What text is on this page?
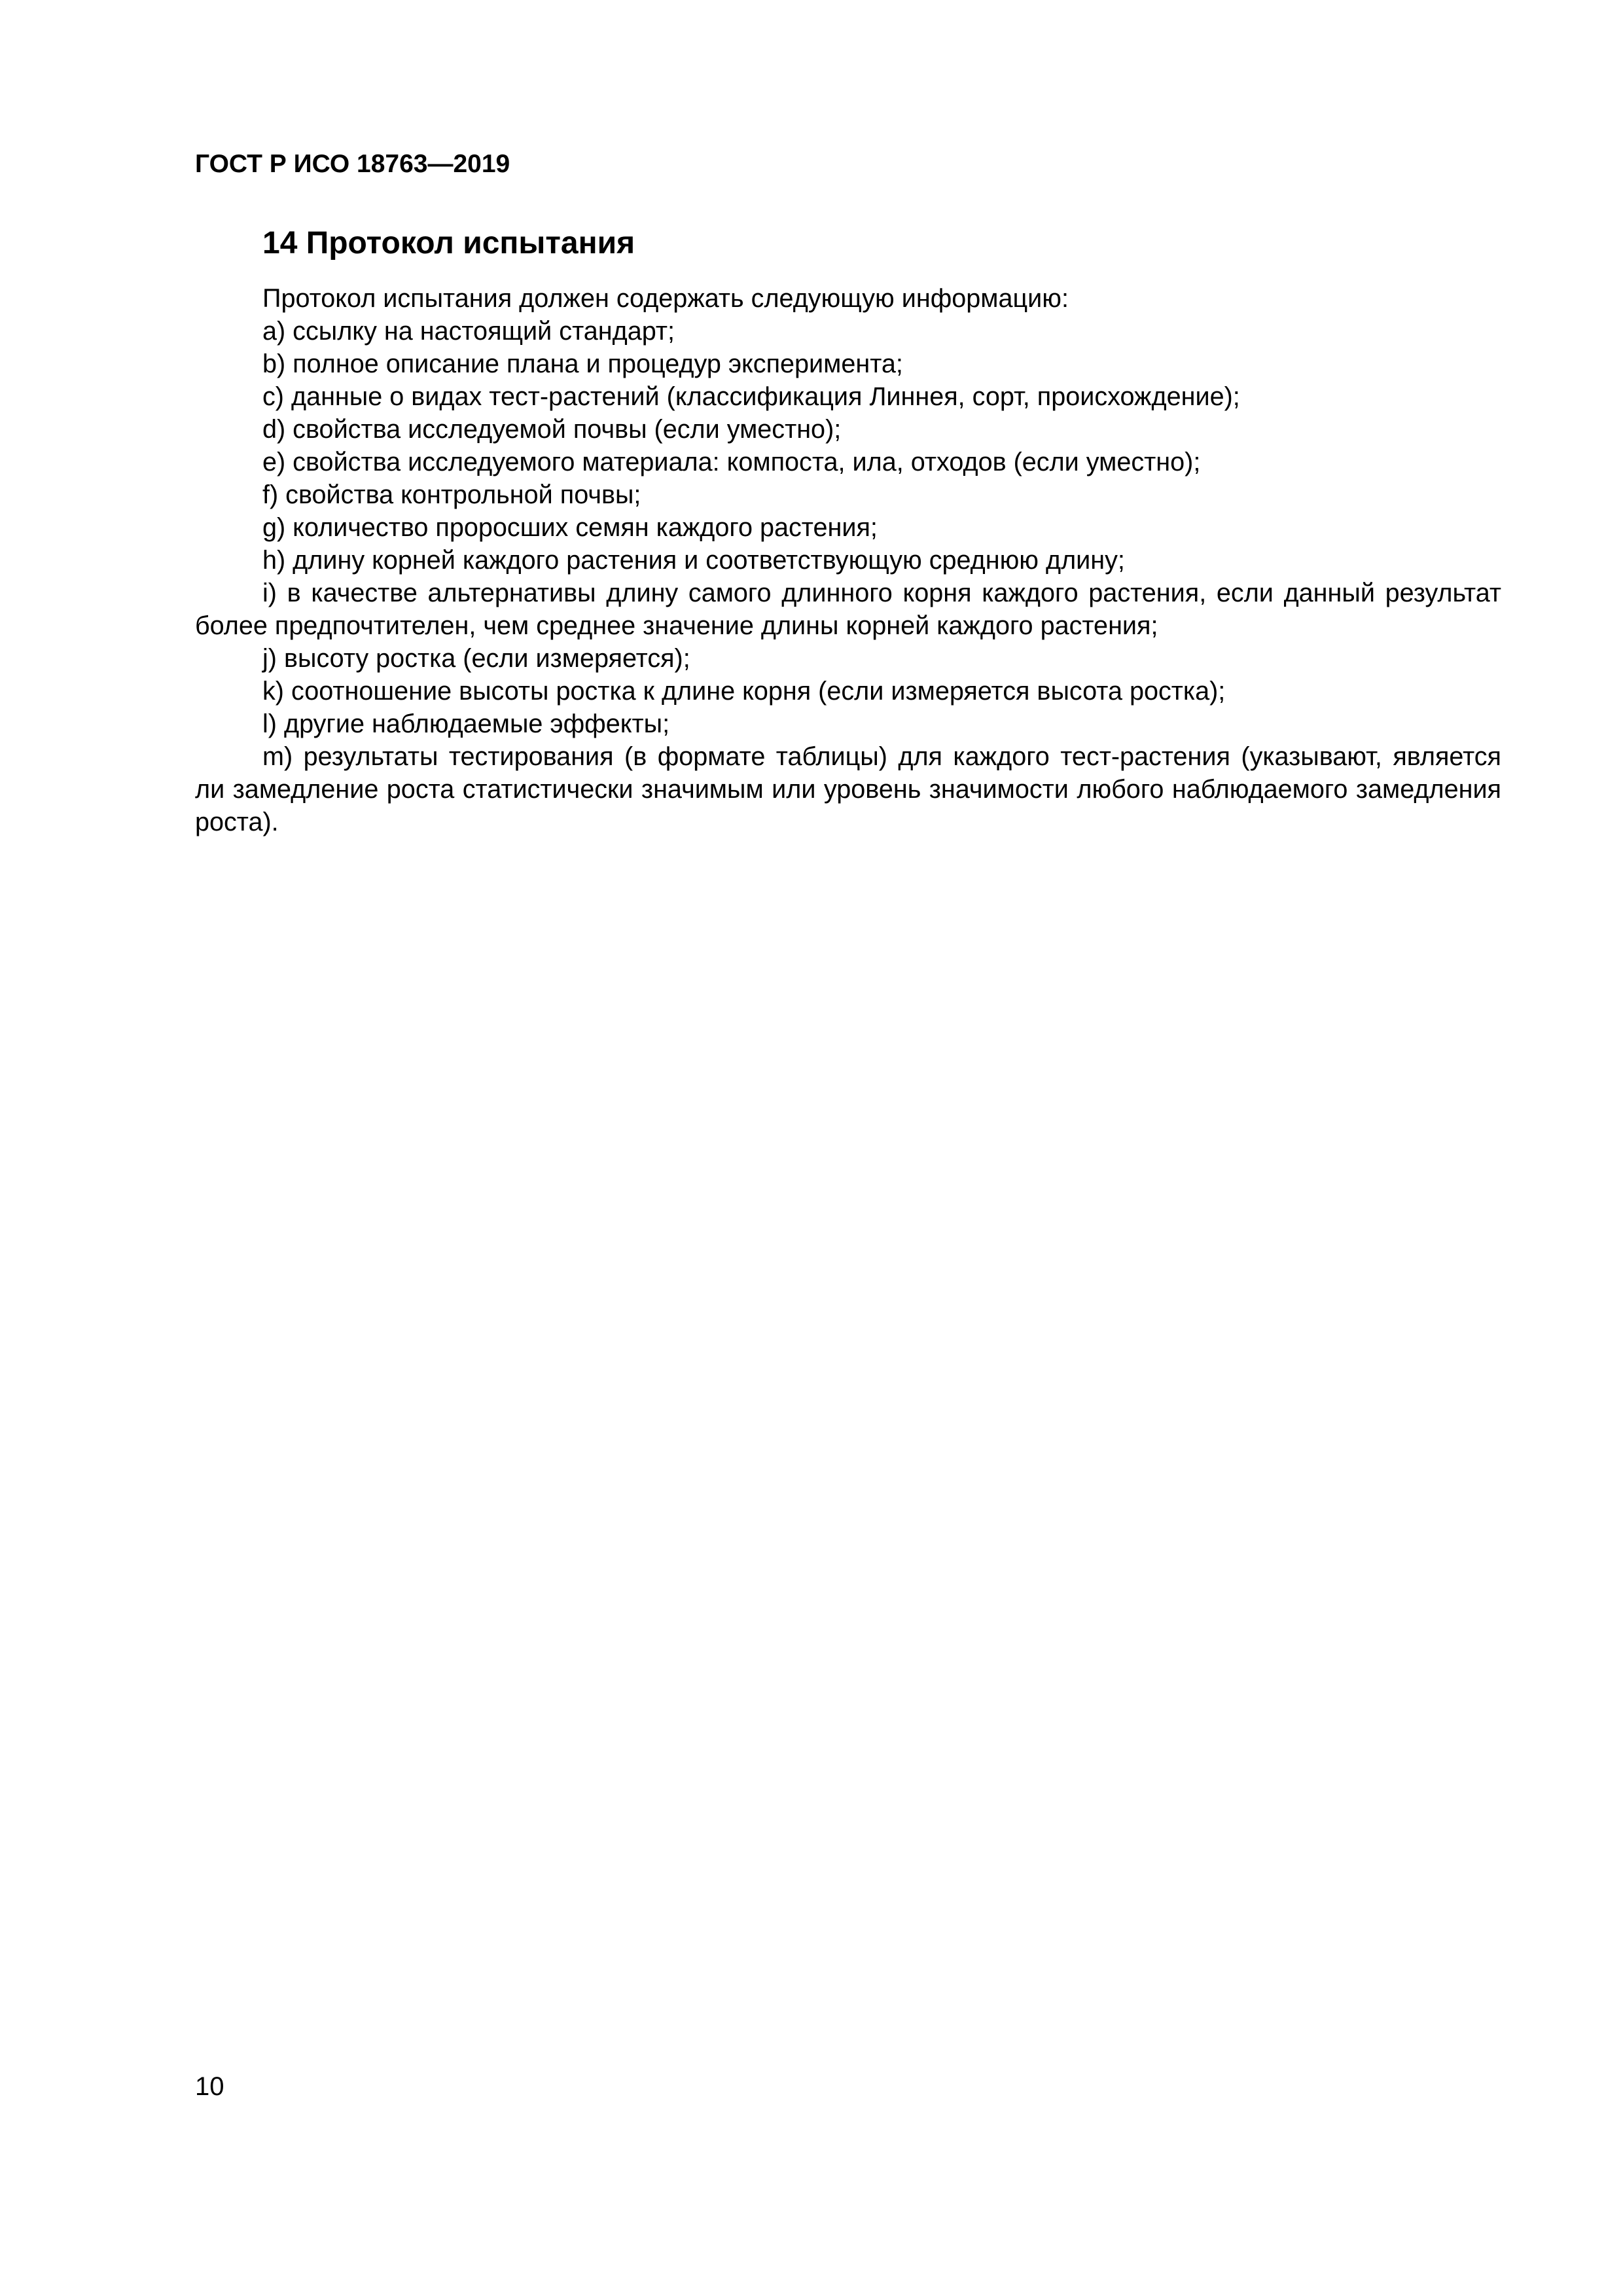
ГОСТ Р ИСО 18763—2019
14 Протокол испытания

Протокол испытания должен содержать следующую информацию:

a) ссылку на настоящий стандарт;

b) полное описание плана и процедур эксперимента;

c) данные о видах тест-растений (классификация Линнея, сорт, происхождение);

d) свойства исследуемой почвы (если уместно);

e) свойства исследуемого материала: компоста, ила, отходов (если уместно);

f) свойства контрольной почвы;

g) количество проросших семян каждого растения;

h) длину корней каждого растения и соответствующую среднюю длину;

i) в качестве альтернативы длину самого длинного корня каждого растения, если данный результат более предпочтителен, чем среднее значение длины корней каждого растения;

j) высоту ростка (если измеряется);

k) соотношение высоты ростка к длине корня (если измеряется высота ростка);

l) другие наблюдаемые эффекты;

m) результаты тестирования (в формате таблицы) для каждого тест-растения (указывают, является ли замедление роста статистически значимым или уровень значимости любого наблюдаемого замедления роста).

10
